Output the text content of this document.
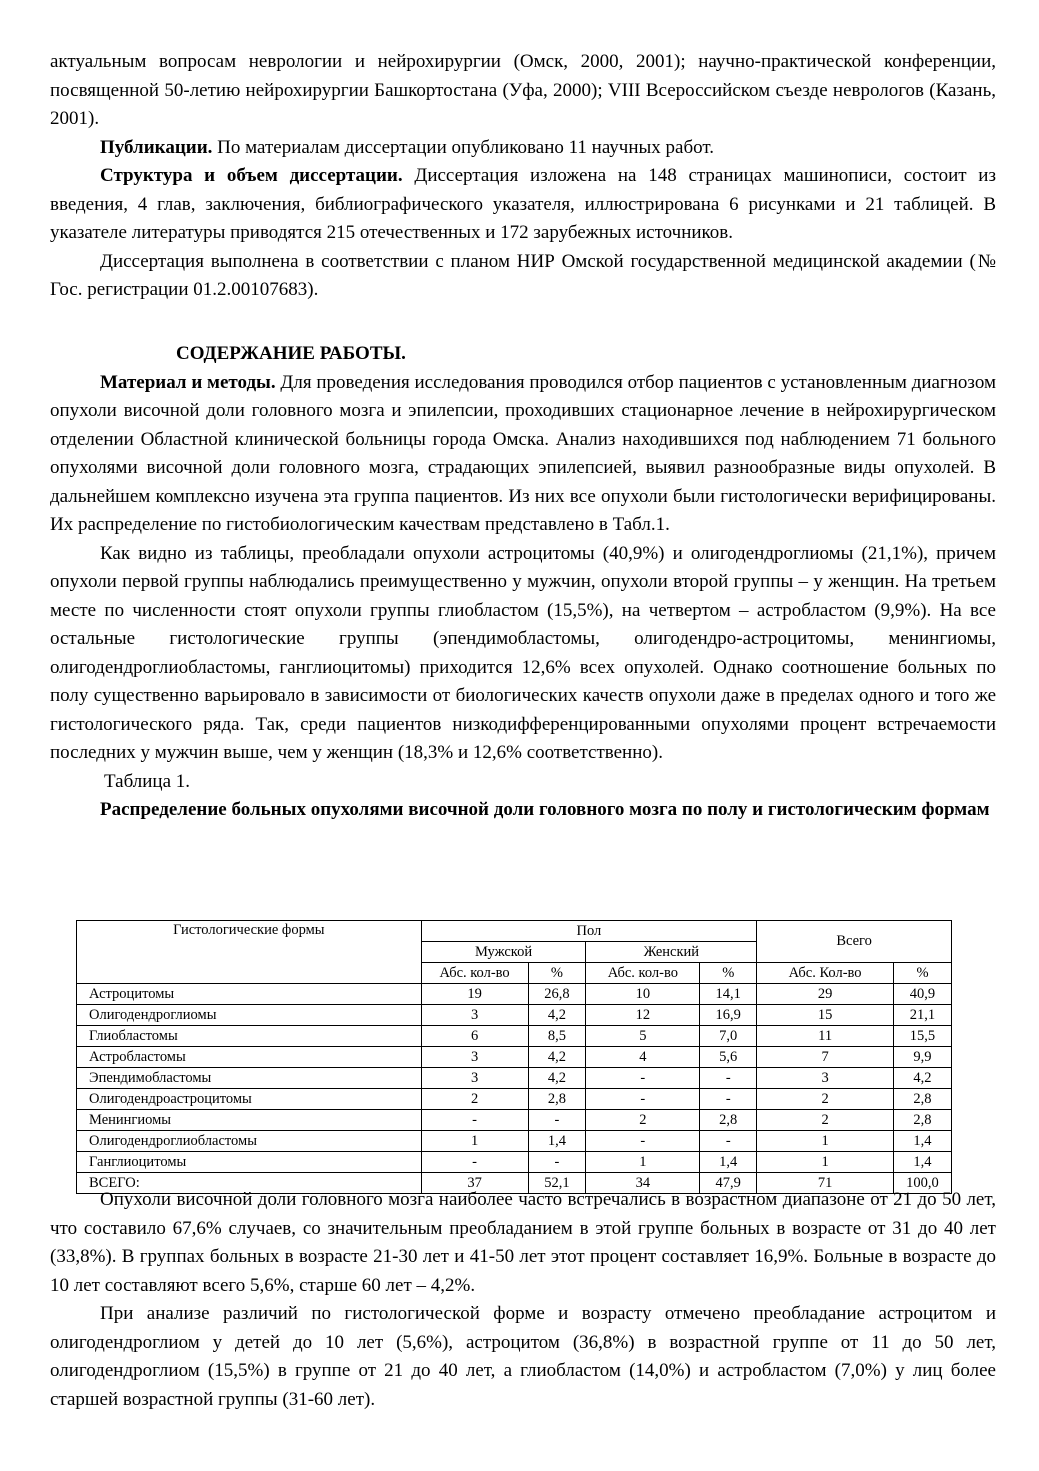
актуальным вопросам неврологии и нейрохирургии (Омск, 2000, 2001); научно-практической конференции, посвященной 50-летию нейрохирургии Башкортостана (Уфа, 2000); VIII Всероссийском съезде неврологов (Казань, 2001).

Публикации. По материалам диссертации опубликовано 11 научных работ.

Структура и объем диссертации. Диссертация изложена на 148 страницах машинописи, состоит из введения, 4 глав, заключения, библиографического указателя, иллюстрирована 6 рисунками и 21 таблицей. В указателе литературы приводятся 215 отечественных и 172 зарубежных источников.

Диссертация выполнена в соответствии с планом НИР Омской государственной медицинской академии (№ Гос. регистрации 01.2.00107683).

СОДЕРЖАНИЕ РАБОТЫ.

Материал и методы. Для проведения исследования проводился отбор пациентов с установленным диагнозом опухоли височной доли головного мозга и эпилепсии, проходивших стационарное лечение в нейрохирургическом отделении Областной клинической больницы города Омска. Анализ находившихся под наблюдением 71 больного опухолями височной доли головного мозга, страдающих эпилепсией, выявил разнообразные виды опухолей. В дальнейшем комплексно изучена эта группа пациентов. Из них все опухоли были гистологически верифицированы. Их распределение по гистобиологическим качествам представлено в Табл.1.

Как видно из таблицы, преобладали опухоли астроцитомы (40,9%) и олигодендроглиомы (21,1%), причем опухоли первой группы наблюдались преимущественно у мужчин, опухоли второй группы – у женщин. На третьем месте по численности стоят опухоли группы глиобластом (15,5%), на четвертом – астробластом (9,9%). На все остальные гистологические группы (эпендимобластомы, олигодендро-астроцитомы, менингиомы, олигодендроглиобластомы, ганглиоцитомы) приходится 12,6% всех опухолей. Однако соотношение больных по полу существенно варьировало в зависимости от биологических качеств опухоли даже в пределах одного и того же гистологического ряда. Так, среди пациентов низкодифференцированными опухолями процент встречаемости последних у мужчин выше, чем у женщин (18,3% и 12,6% соответственно).

Таблица 1.

Распределение больных опухолями височной доли головного мозга по полу и гистологическим формам

Гистологические формы	Пол				Всего	
	Мужской		Женский			
	Абс. кол-во	%	Абс. кол-во	%	Абс. Кол-во	%
Астроцитомы	19	26,8	10	14,1	29	40,9
Олигодендроглиомы	3	4,2	12	16,9	15	21,1
Глиобластомы	6	8,5	5	7,0	11	15,5
Астробластомы	3	4,2	4	5,6	7	9,9
Эпендимобластомы	3	4,2	-	-	3	4,2
Олигодендроастроцитомы	2	2,8	-	-	2	2,8
Менингиомы	-	-	2	2,8	2	2,8
Олигодендроглиобластомы	1	1,4	-	-	1	1,4
Ганглиоцитомы	-	-	1	1,4	1	1,4
ВСЕГО:	37	52,1	34	47,9	71	100,0

Опухоли височной доли головного мозга наиболее часто встречались в возрастном диапазоне от 21 до 50 лет, что составило 67,6% случаев, со значительным преобладанием в этой группе больных в возрасте от 31 до 40 лет (33,8%). В группах больных в возрасте 21-30 лет и 41-50 лет этот процент составляет 16,9%. Больные в возрасте до 10 лет составляют всего 5,6%, старше 60 лет – 4,2%.

При анализе различий по гистологической форме и возрасту отмечено преобладание астроцитом и олигодендроглиом у детей до 10 лет (5,6%), астроцитом (36,8%) в возрастной группе от 11 до 50 лет, олигодендроглиом (15,5%) в группе от 21 до 40 лет, а глиобластом (14,0%) и астробластом (7,0%) у лиц более старшей возрастной группы (31-60 лет).
